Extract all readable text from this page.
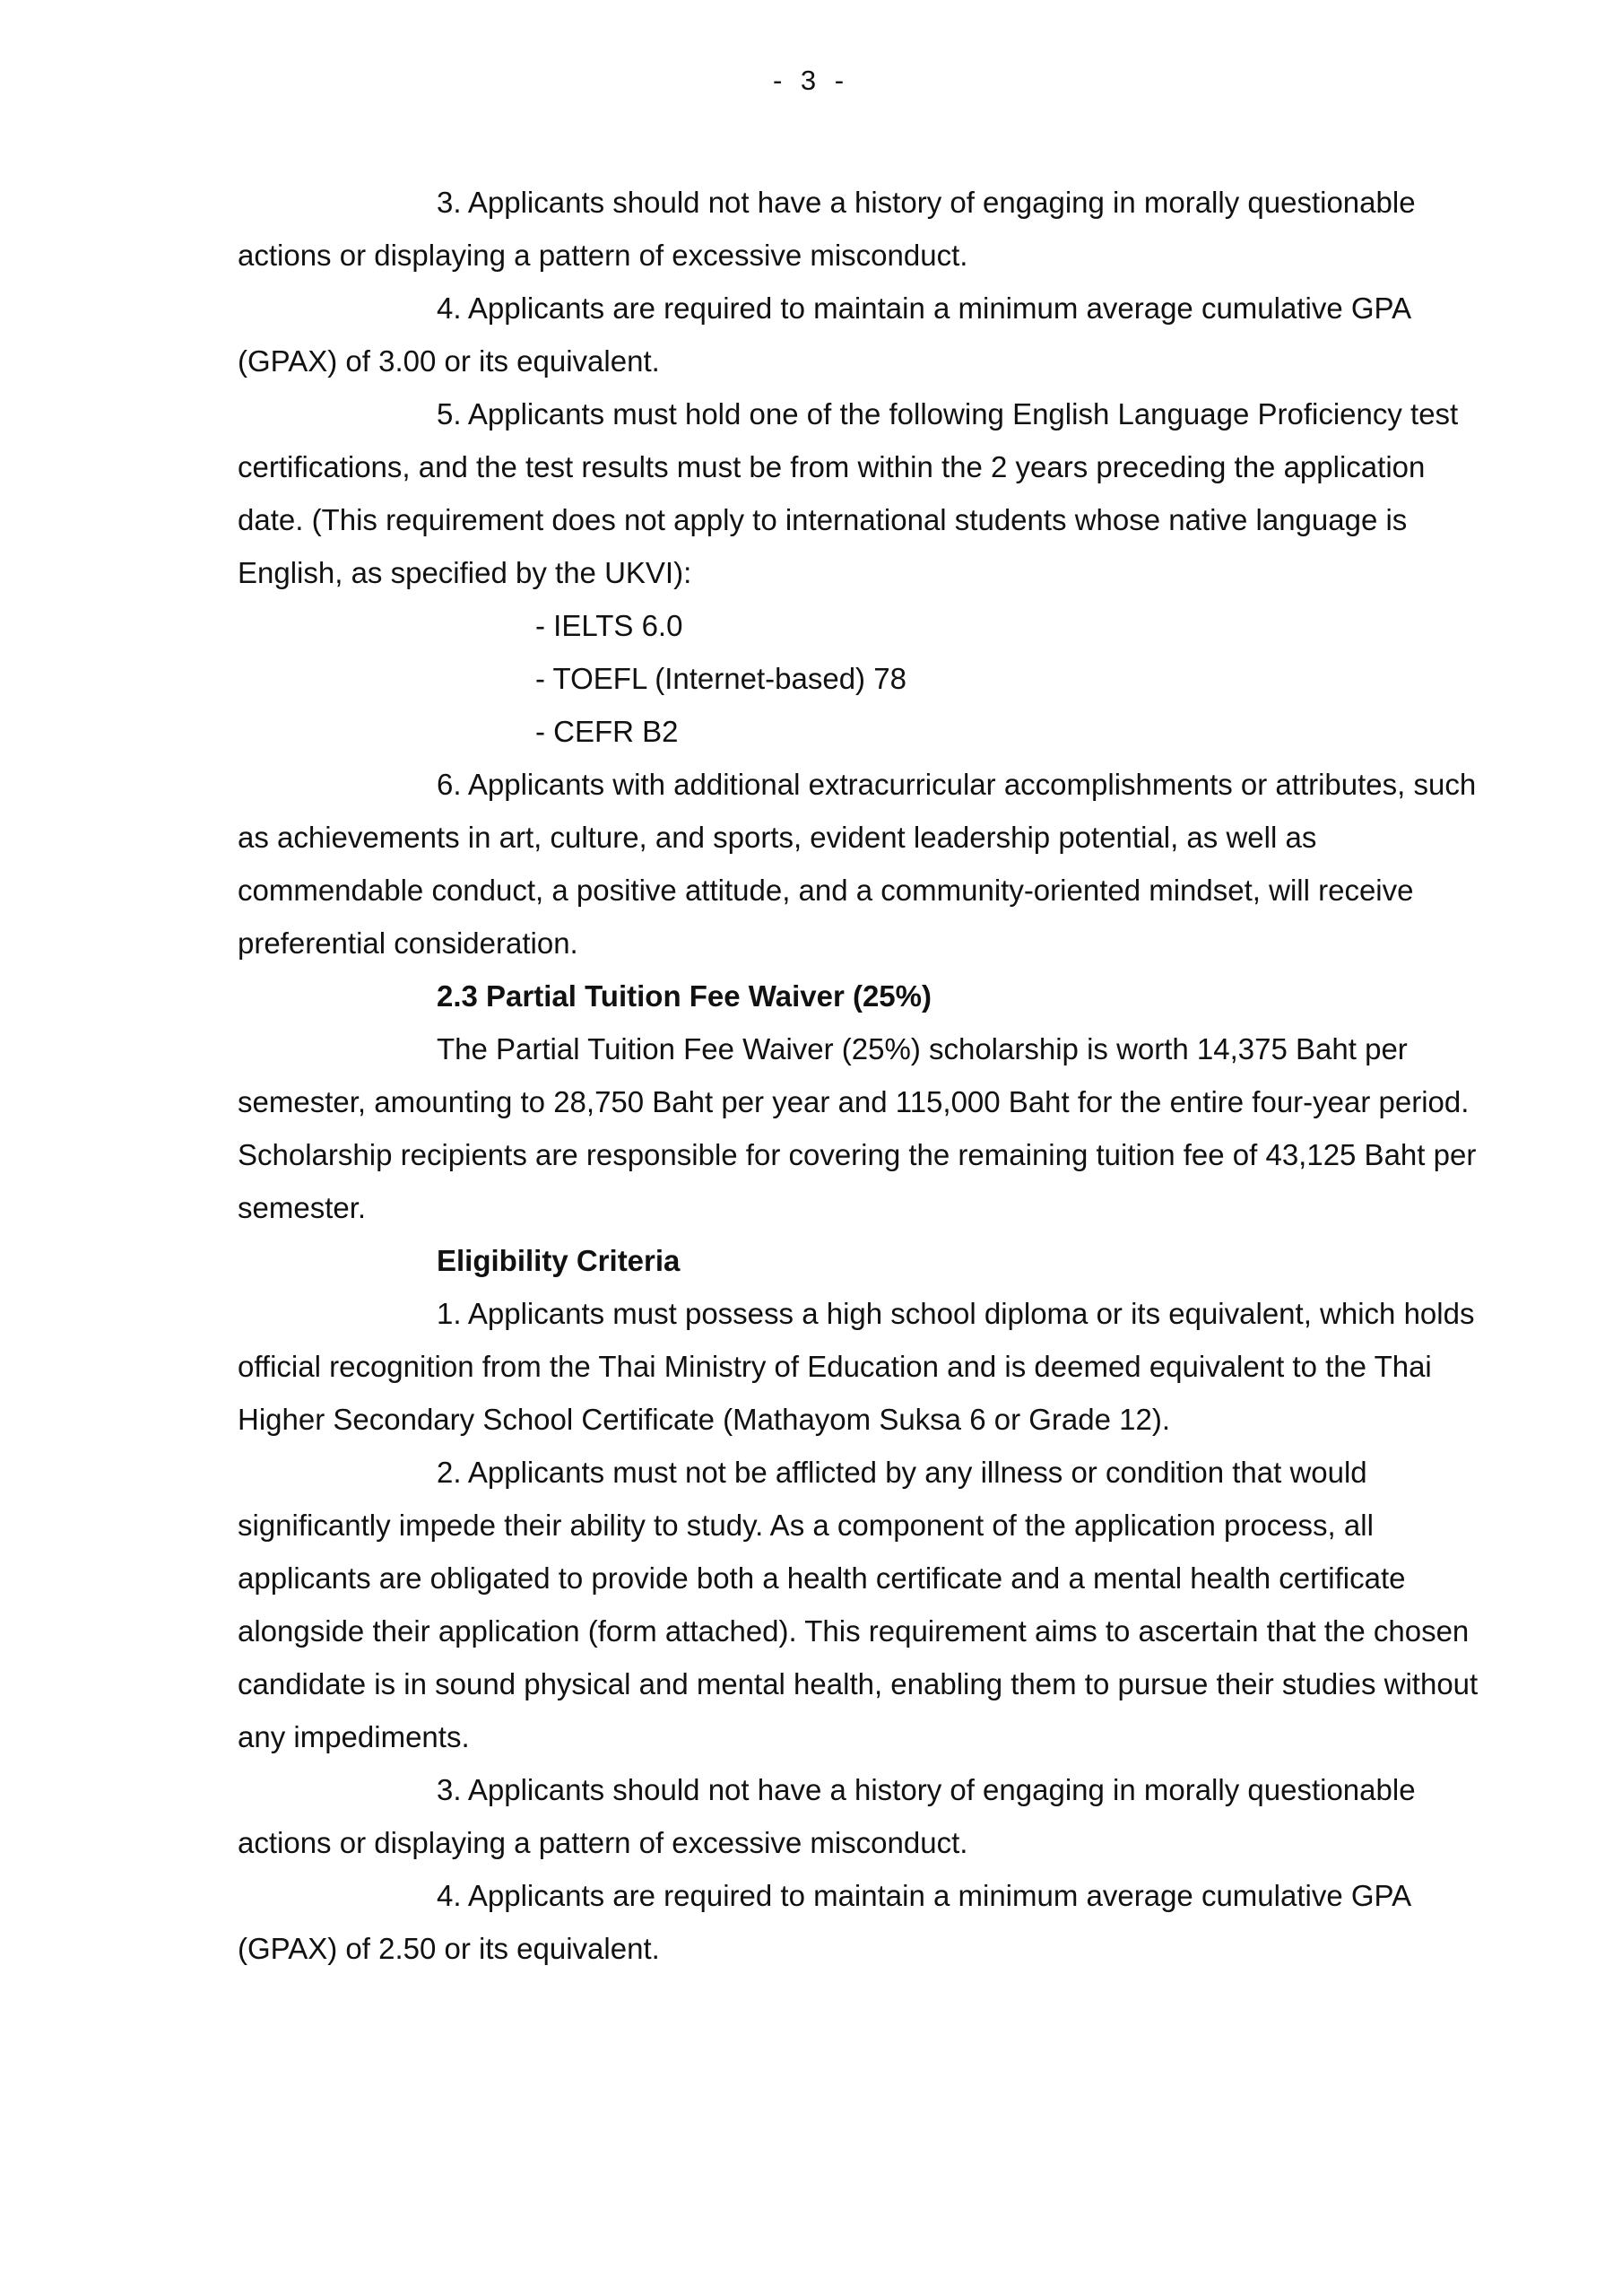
- 3 -

3. Applicants should not have a history of engaging in morally questionable actions or displaying a pattern of excessive misconduct.

4. Applicants are required to maintain a minimum average cumulative GPA (GPAX) of 3.00 or its equivalent.

5. Applicants must hold one of the following English Language Proficiency test certifications, and the test results must be from within the 2 years preceding the application date. (This requirement does not apply to international students whose native language is English, as specified by the UKVI):

- IELTS 6.0

- TOEFL (Internet-based) 78

- CEFR B2

6. Applicants with additional extracurricular accomplishments or attributes, such as achievements in art, culture, and sports, evident leadership potential, as well as commendable conduct, a positive attitude, and a community-oriented mindset, will receive preferential consideration.

2.3 Partial Tuition Fee Waiver (25%)

The Partial Tuition Fee Waiver (25%) scholarship is worth 14,375 Baht per semester, amounting to 28,750 Baht per year and 115,000 Baht for the entire four-year period. Scholarship recipients are responsible for covering the remaining tuition fee of 43,125 Baht per semester.

Eligibility Criteria

1. Applicants must possess a high school diploma or its equivalent, which holds official recognition from the Thai Ministry of Education and is deemed equivalent to the Thai Higher Secondary School Certificate (Mathayom Suksa 6 or Grade 12).

2. Applicants must not be afflicted by any illness or condition that would significantly impede their ability to study. As a component of the application process, all applicants are obligated to provide both a health certificate and a mental health certificate alongside their application (form attached). This requirement aims to ascertain that the chosen candidate is in sound physical and mental health, enabling them to pursue their studies without any impediments.

3. Applicants should not have a history of engaging in morally questionable actions or displaying a pattern of excessive misconduct.

4. Applicants are required to maintain a minimum average cumulative GPA (GPAX) of 2.50 or its equivalent.
